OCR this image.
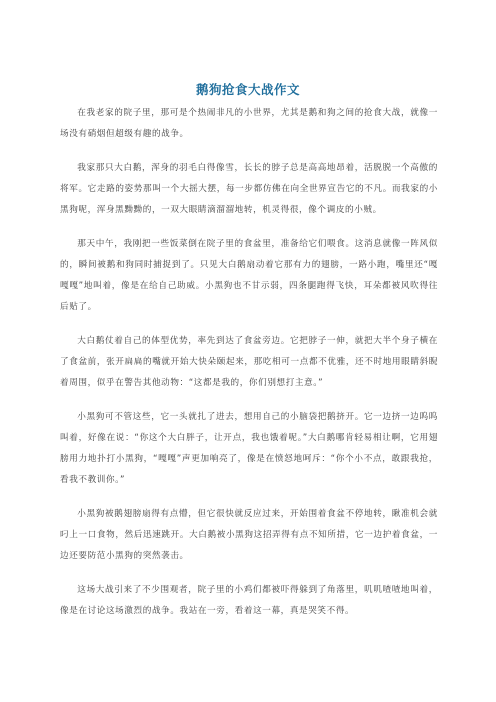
鹅狗抢食大战作文

在我老家的院子里，那可是个热闹非凡的小世界，尤其是鹅和狗之间的抢食大战，就像一场没有硝烟但超级有趣的战争。

我家那只大白鹅，浑身的羽毛白得像雪，长长的脖子总是高高地昂着，活脱脱一个高傲的将军。它走路的姿势那叫一个大摇大摆，每一步都仿佛在向全世界宣告它的不凡。而我家的小黑狗呢，浑身黑黝黝的，一双大眼睛滴溜溜地转，机灵得很，像个调皮的小贼。

那天中午，我刚把一些饭菜倒在院子里的食盆里，准备给它们喂食。这消息就像一阵风似的，瞬间被鹅和狗同时捕捉到了。只见大白鹅扇动着它那有力的翅膀，一路小跑，嘴里还“嘎嘎嘎”地叫着，像是在给自己助威。小黑狗也不甘示弱，四条腿跑得飞快，耳朵都被风吹得往后贴了。

大白鹅仗着自己的体型优势，率先到达了食盆旁边。它把脖子一伸，就把大半个身子横在了食盆前，张开扁扁的嘴就开始大快朵颐起来，那吃相可一点都不优雅，还不时地用眼睛斜睨着周围，似乎在警告其他动物：“这都是我的，你们别想打主意。”

小黑狗可不管这些，它一头就扎了进去，想用自己的小脑袋把鹅挤开。它一边挤一边呜呜叫着，好像在说：“你这个大白胖子，让开点，我也饿着呢。”大白鹅哪肯轻易相让啊，它用翅膀用力地扑打小黑狗，“嘎嘎”声更加响亮了，像是在愤怒地呵斥：“你个小不点，敢跟我抢，看我不教训你。”

小黑狗被鹅翅膀扇得有点懵，但它很快就反应过来，开始围着食盆不停地转，瞅准机会就叼上一口食物，然后迅速跳开。大白鹅被小黑狗这招弄得有点不知所措，它一边护着食盆，一边还要防范小黑狗的突然袭击。

这场大战引来了不少围观者，院子里的小鸡们都被吓得躲到了角落里，叽叽喳喳地叫着，像是在讨论这场激烈的战争。我站在一旁，看着这一幕，真是哭笑不得。
